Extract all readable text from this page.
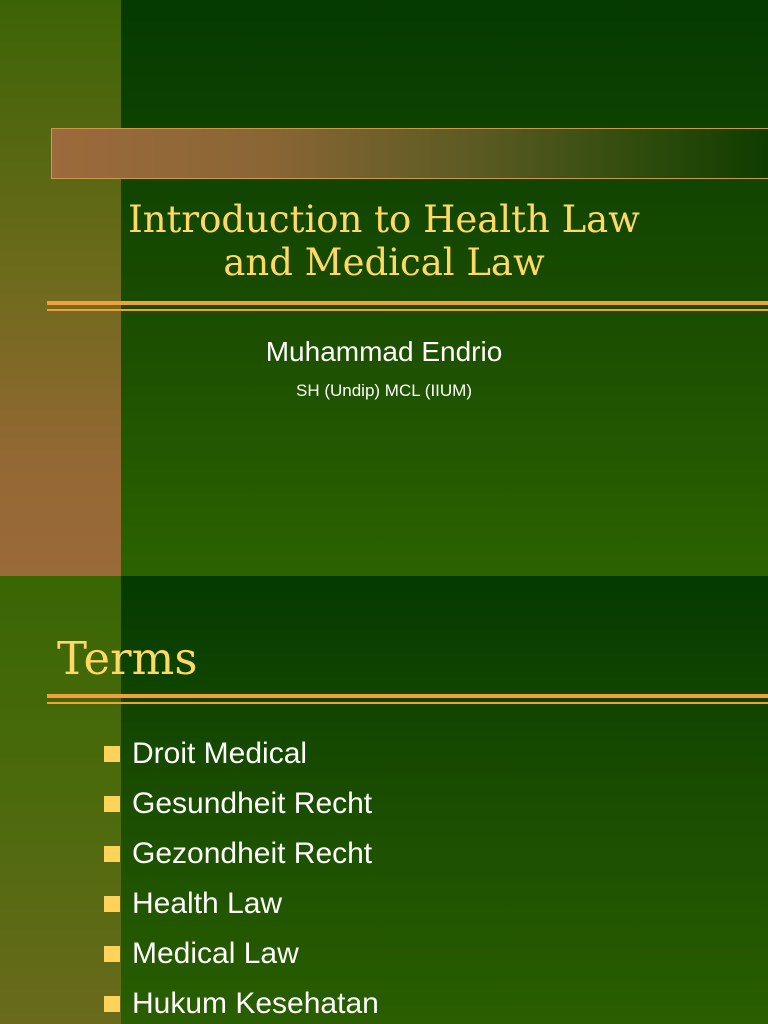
Introduction to Health Law
and Medical Law
Muhammad Endrio
SH (Undip) MCL (IIUM)
Terms
Droit Medical
Gesundheit Recht
Gezondheit Recht
Health Law
Medical Law
Hukum Kesehatan
